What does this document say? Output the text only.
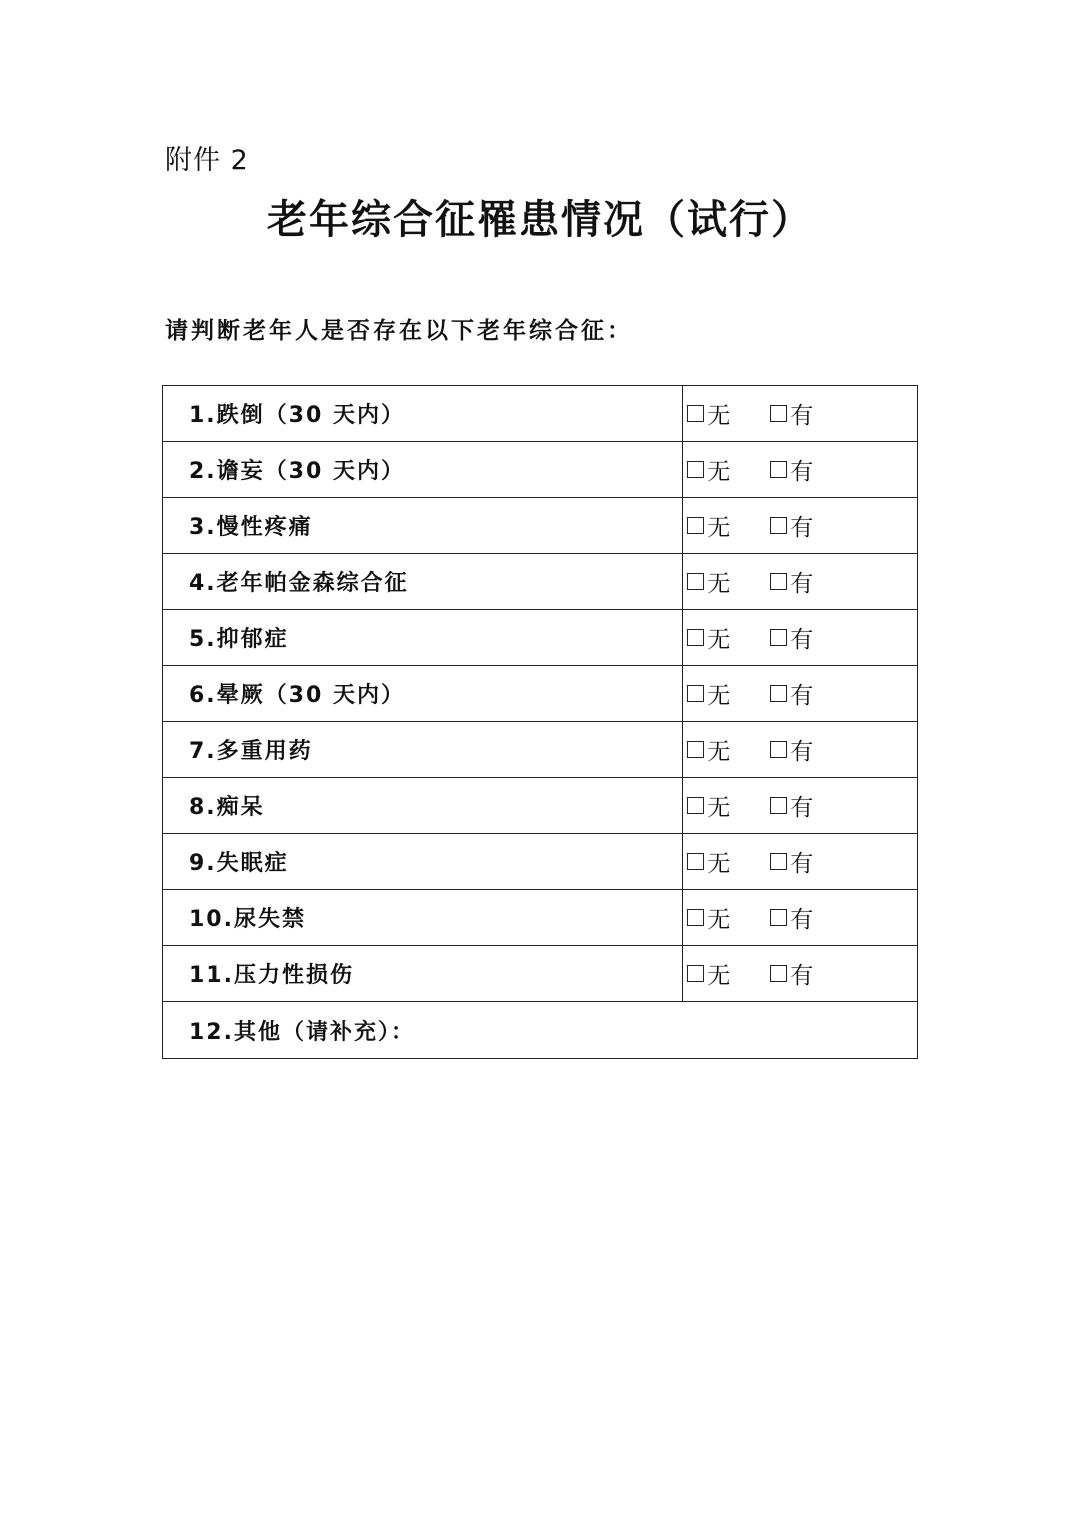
附件 2
老年综合征罹患情况（试行）
请判断老年人是否存在以下老年综合征：
1.跌倒（30 天内）	无 有

2.谵妄（30 天内）	无 有

3.慢性疼痛	无 有

4.老年帕金森综合征	无 有

5.抑郁症	无 有

6.晕厥（30 天内）	无 有

7.多重用药	无 有

8.痴呆	无 有

9.失眠症	无 有

10.尿失禁	无 有

11.压力性损伤	无 有

12.其他（请补充）：	
